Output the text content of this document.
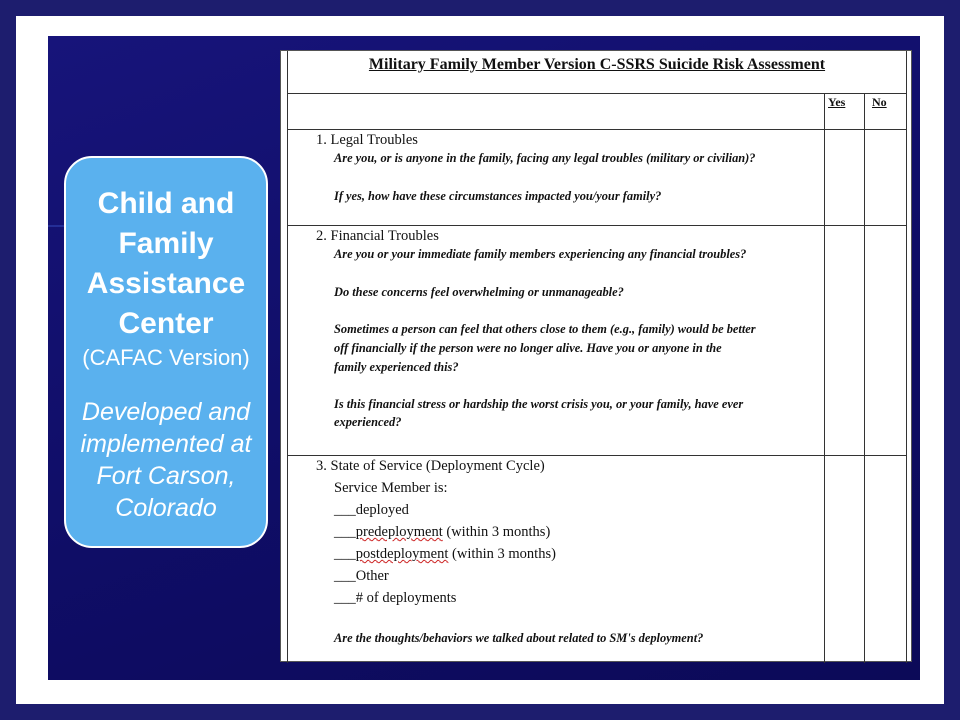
Child and
Family
Assistance
Center
(CAFAC Version)
Developed and
implemented at
Fort Carson,
Colorado
Military Family Member Version C-SSRS Suicide Risk Assessment
Yes No
1. Legal Troubles
Are you, or is anyone in the family, facing any legal troubles (military or civilian)?
If yes, how have these circumstances impacted you/your family?
2. Financial Troubles
Are you or your immediate family members experiencing any financial troubles?
Do these concerns feel overwhelming or unmanageable?
Sometimes a person can feel that others close to them (e.g., family) would be better
off financially if the person were no longer alive. Have you or anyone in the
family experienced this?
Is this financial stress or hardship the worst crisis you, or your family, have ever
experienced?
3. State of Service (Deployment Cycle)
Service Member is:
___deployed
___predeployment (within 3 months)
___postdeployment (within 3 months)
___Other
___# of deployments
Are the thoughts/behaviors we talked about related to SM's deployment?
